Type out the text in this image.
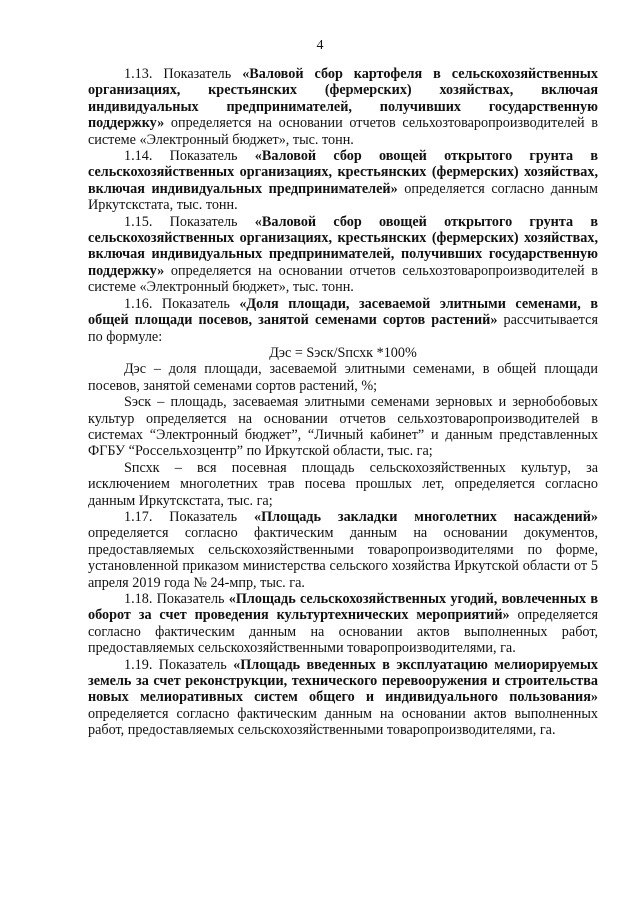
4

1.13. Показатель «Валовой сбор картофеля в сельскохозяйственных организациях, крестьянских (фермерских) хозяйствах, включая индивидуальных предпринимателей, получивших государственную поддержку» определяется на основании отчетов сельхозтоваропроизводителей в системе «Электронный бюджет», тыс. тонн.

1.14. Показатель «Валовой сбор овощей открытого грунта в сельскохозяйственных организациях, крестьянских (фермерских) хозяйствах, включая индивидуальных предпринимателей» определяется согласно данным Иркутскстата, тыс. тонн.

1.15. Показатель «Валовой сбор овощей открытого грунта в сельскохозяйственных организациях, крестьянских (фермерских) хозяйствах, включая индивидуальных предпринимателей, получивших государственную поддержку» определяется на основании отчетов сельхозтоваропроизводителей в системе «Электронный бюджет», тыс. тонн.

1.16. Показатель «Доля площади, засеваемой элитными семенами, в общей площади посевов, занятой семенами сортов растений» рассчитывается по формуле:

Дэс = Sэск/Sпсхк *100%

Дэс – доля площади, засеваемой элитными семенами, в общей площади посевов, занятой семенами сортов растений, %;

Sэск – площадь, засеваемая элитными семенами зерновых и зернобобовых культур определяется на основании отчетов сельхозтоваропроизводителей в системах “Электронный бюджет”, “Личный кабинет” и данным представленных ФГБУ “Россельхозцентр” по Иркутской области, тыс. га;

Sпсхк – вся посевная площадь сельскохозяйственных культур, за исключением многолетних трав посева прошлых лет, определяется согласно данным Иркутскстата, тыс. га;

1.17. Показатель «Площадь закладки многолетних насаждений» определяется согласно фактическим данным на основании документов, предоставляемых сельскохозяйственными товаропроизводителями по форме, установленной приказом министерства сельского хозяйства Иркутской области от 5 апреля 2019 года № 24-мпр, тыс. га.

1.18. Показатель «Площадь сельскохозяйственных угодий, вовлеченных в оборот за счет проведения культуртехнических мероприятий» определяется согласно фактическим данным на основании актов выполненных работ, предоставляемых сельскохозяйственными товаропроизводителями, га.

1.19. Показатель «Площадь введенных в эксплуатацию мелиорируемых земель за счет реконструкции, технического перевооружения и строительства новых мелиоративных систем общего и индивидуального пользования» определяется согласно фактическим данным на основании актов выполненных работ, предоставляемых сельскохозяйственными товаропроизводителями, га.
